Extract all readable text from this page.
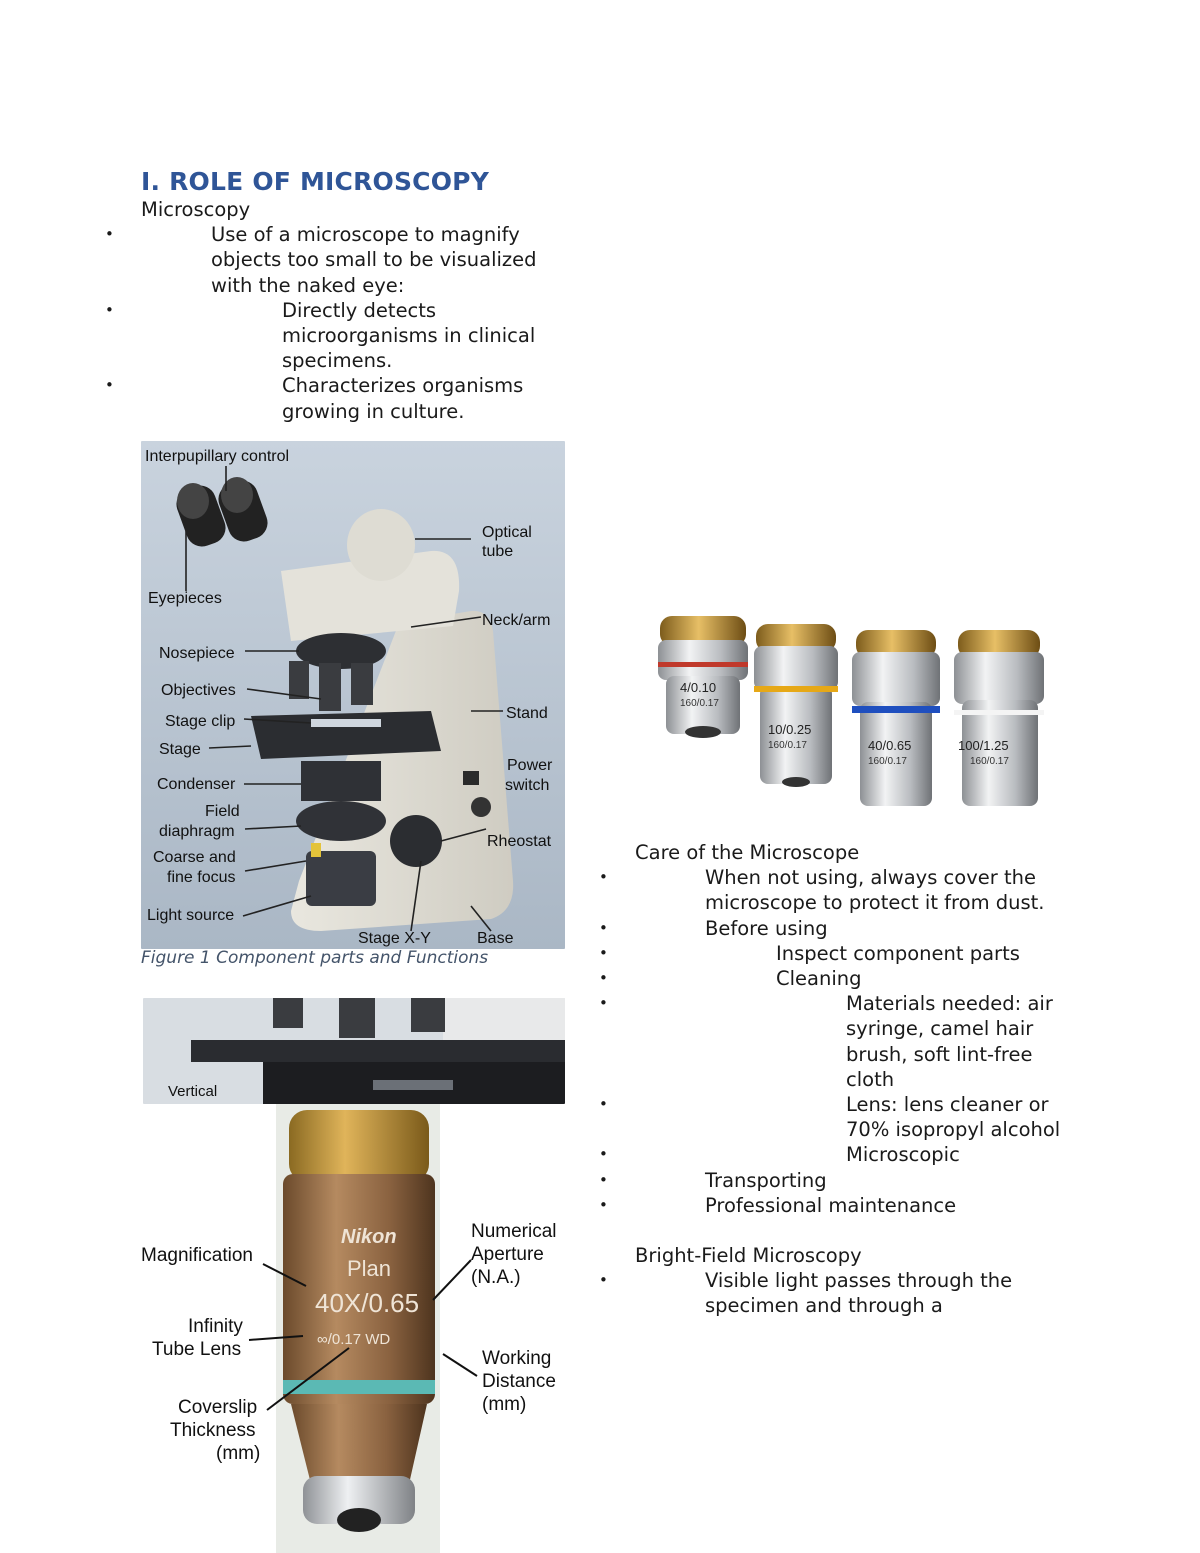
I. ROLE OF MICROSCOPY

Microscopy

• Use of a microscope to magnify objects too small to be visualized with the naked eye:
• Directly detects microorganisms in clinical specimens.
• Characterizes organisms growing in culture.
Interpupillary control
Optical
tube
Eyepieces
Neck/arm
Nosepiece
Objectives
Stage clip
Stage
Stand
Power
switch
Condenser
Field
diaphragm
Rheostat
Coarse and
fine focus
Light source
Stage X-Y	Base
Figure 1 Component parts and Functions
Vertical
Nikon
Plan
40X/0.65
∞/0.17 WD
Magnification
Numerical
Aperture
(N.A.)
Infinity
Tube Lens	Working
Distance
(mm)
Coverslip
Thickness
(mm)
4/0.10
160/0.17
10/0.25
160/0.17	40/0.65
160/0.17
100/1.25
160/0.17

Care of the Microscope

• When not using, always cover the microscope to protect it from dust.
• Before using
• Inspect component parts
• Cleaning
• Materials needed: air syringe, camel hair brush, soft lint-free cloth
• Lens: lens cleaner or 70% isopropyl alcohol
• Microscopic
• Transporting
• Professional maintenance

Bright-Field Microscopy

• Visible light passes through the specimen and through a
